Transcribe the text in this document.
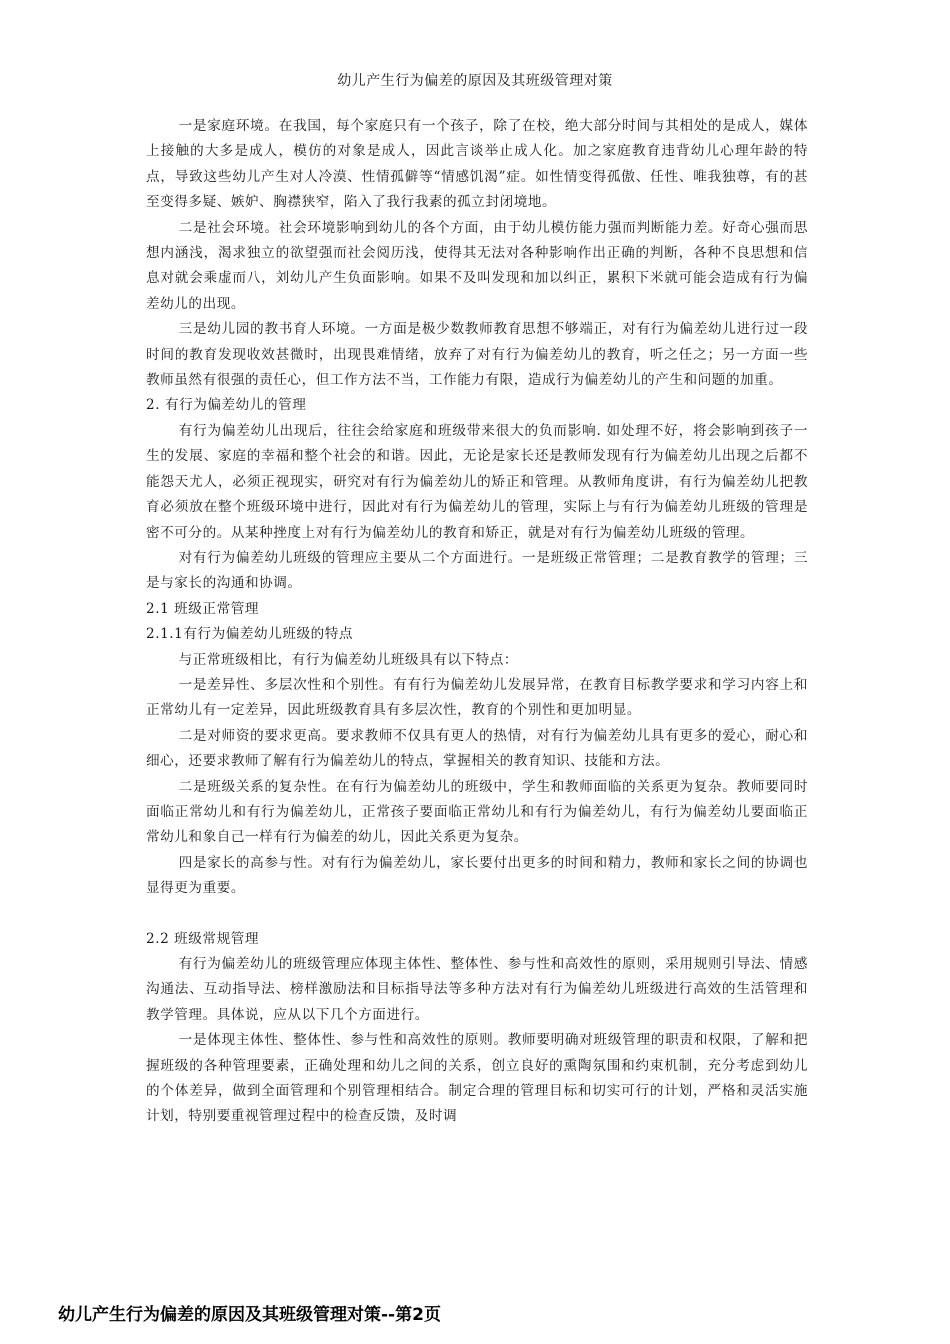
幼儿产生行为偏差的原因及其班级管理对策

一是家庭环境。在我国，每个家庭只有一个孩子，除了在校，绝大部分时间与其相处的是成人，媒体上接触的大多是成人，模仿的对象是成人，因此言谈举止成人化。加之家庭教育违背幼儿心理年龄的特点，导致这些幼儿产生对人冷漠、性情孤僻等“情感饥渴”症。如性情变得孤傲、任性、唯我独尊，有的甚至变得多疑、嫉妒、胸襟狭窄，陷入了我行我素的孤立封闭境地。

二是社会环境。社会环境影响到幼儿的各个方面，由于幼儿模仿能力强而判断能力差。好奇心强而思想内涵浅，渴求独立的欲望强而社会阅历浅，使得其无法对各种影响作出正确的判断，各种不良思想和信息对就会乘虚而八，刘幼儿产生负面影响。如果不及叫发现和加以纠正，累积下米就可能会造成有行为偏差幼儿的出现。

三是幼儿园的教书育人环境。一方面是极少数教师教育思想不够端正，对有行为偏差幼儿进行过一段时间的教育发现收效甚微时，出现畏难情绪，放弃了对有行为偏差幼儿的教育，听之任之；另一方面一些教师虽然有很强的责任心，但工作方法不当，工作能力有限，造成行为偏差幼儿的产生和问题的加重。

2. 有行为偏差幼儿的管理

有行为偏差幼儿出现后，往往会给家庭和班级带来很大的负而影响. 如处理不好，将会影响到孩子一生的发展、家庭的幸福和整个社会的和谐。因此，无论是家长还是教师发现有行为偏差幼儿出现之后都不能怨天尤人，必须正视现实，研究对有行为偏差幼儿的矫正和管理。从教师角度讲，有行为偏差幼儿把教育必须放在整个班级环境中进行，因此对有行为偏差幼儿的管理，实际上与有行为偏差幼儿班级的管理是密不可分的。从某种挫度上对有行为偏差幼儿的教育和矫正，就是对有行为偏差幼儿班级的管理。

对有行为偏差幼儿班级的管理应主要从二个方面进行。一是班级正常管理；二是教育教学的管理；三是与家长的沟通和协调。

2.1 班级正常管理

2.1.1有行为偏差幼儿班级的特点

与正常班级相比，有行为偏差幼儿班级具有以下特点：

一是差异性、多层次性和个别性。有有行为偏差幼儿发展异常，在教育目标教学要求和学习内容上和正常幼儿有一定差异，因此班级教育具有多层次性，教育的个别性和更加明显。

二是对师资的要求更高。要求教师不仅具有更人的热情，对有行为偏差幼儿具有更多的爱心，耐心和细心，还要求教师了解有行为偏差幼儿的特点，掌握相关的教育知识、技能和方法。

二是班级关系的复杂性。在有行为偏差幼儿的班级中，学生和教师面临的关系更为复杂。教师要同时面临正常幼儿和有行为偏差幼儿，正常孩子要面临正常幼儿和有行为偏差幼儿，有行为偏差幼儿要面临正常幼儿和象自己一样有行为偏差的幼儿，因此关系更为复杂。

四是家长的高参与性。对有行为偏差幼儿，家长要付出更多的时间和精力，教师和家长之间的协调也显得更为重要。

2.2 班级常规管理

有行为偏差幼儿的班级管理应体现主体性、整体性、参与性和高效性的原则，采用规则引导法、情感沟通法、互动指导法、榜样激励法和目标指导法等多种方法对有行为偏差幼儿班级进行高效的生活管理和教学管理。具体说，应从以下几个方面进行。

一是体现主体性、整体性、参与性和高效性的原则。教师要明确对班级管理的职责和权限，了解和把握班级的各种管理要素，正确处理和幼儿之间的关系，创立良好的熏陶氛围和约束机制，充分考虑到幼儿的个体差异，做到全面管理和个别管理相结合。制定合理的管理目标和切实可行的计划，严格和灵活实施计划，特别要重视管理过程中的检查反馈，及时调

幼儿产生行为偏差的原因及其班级管理对策--第2页
